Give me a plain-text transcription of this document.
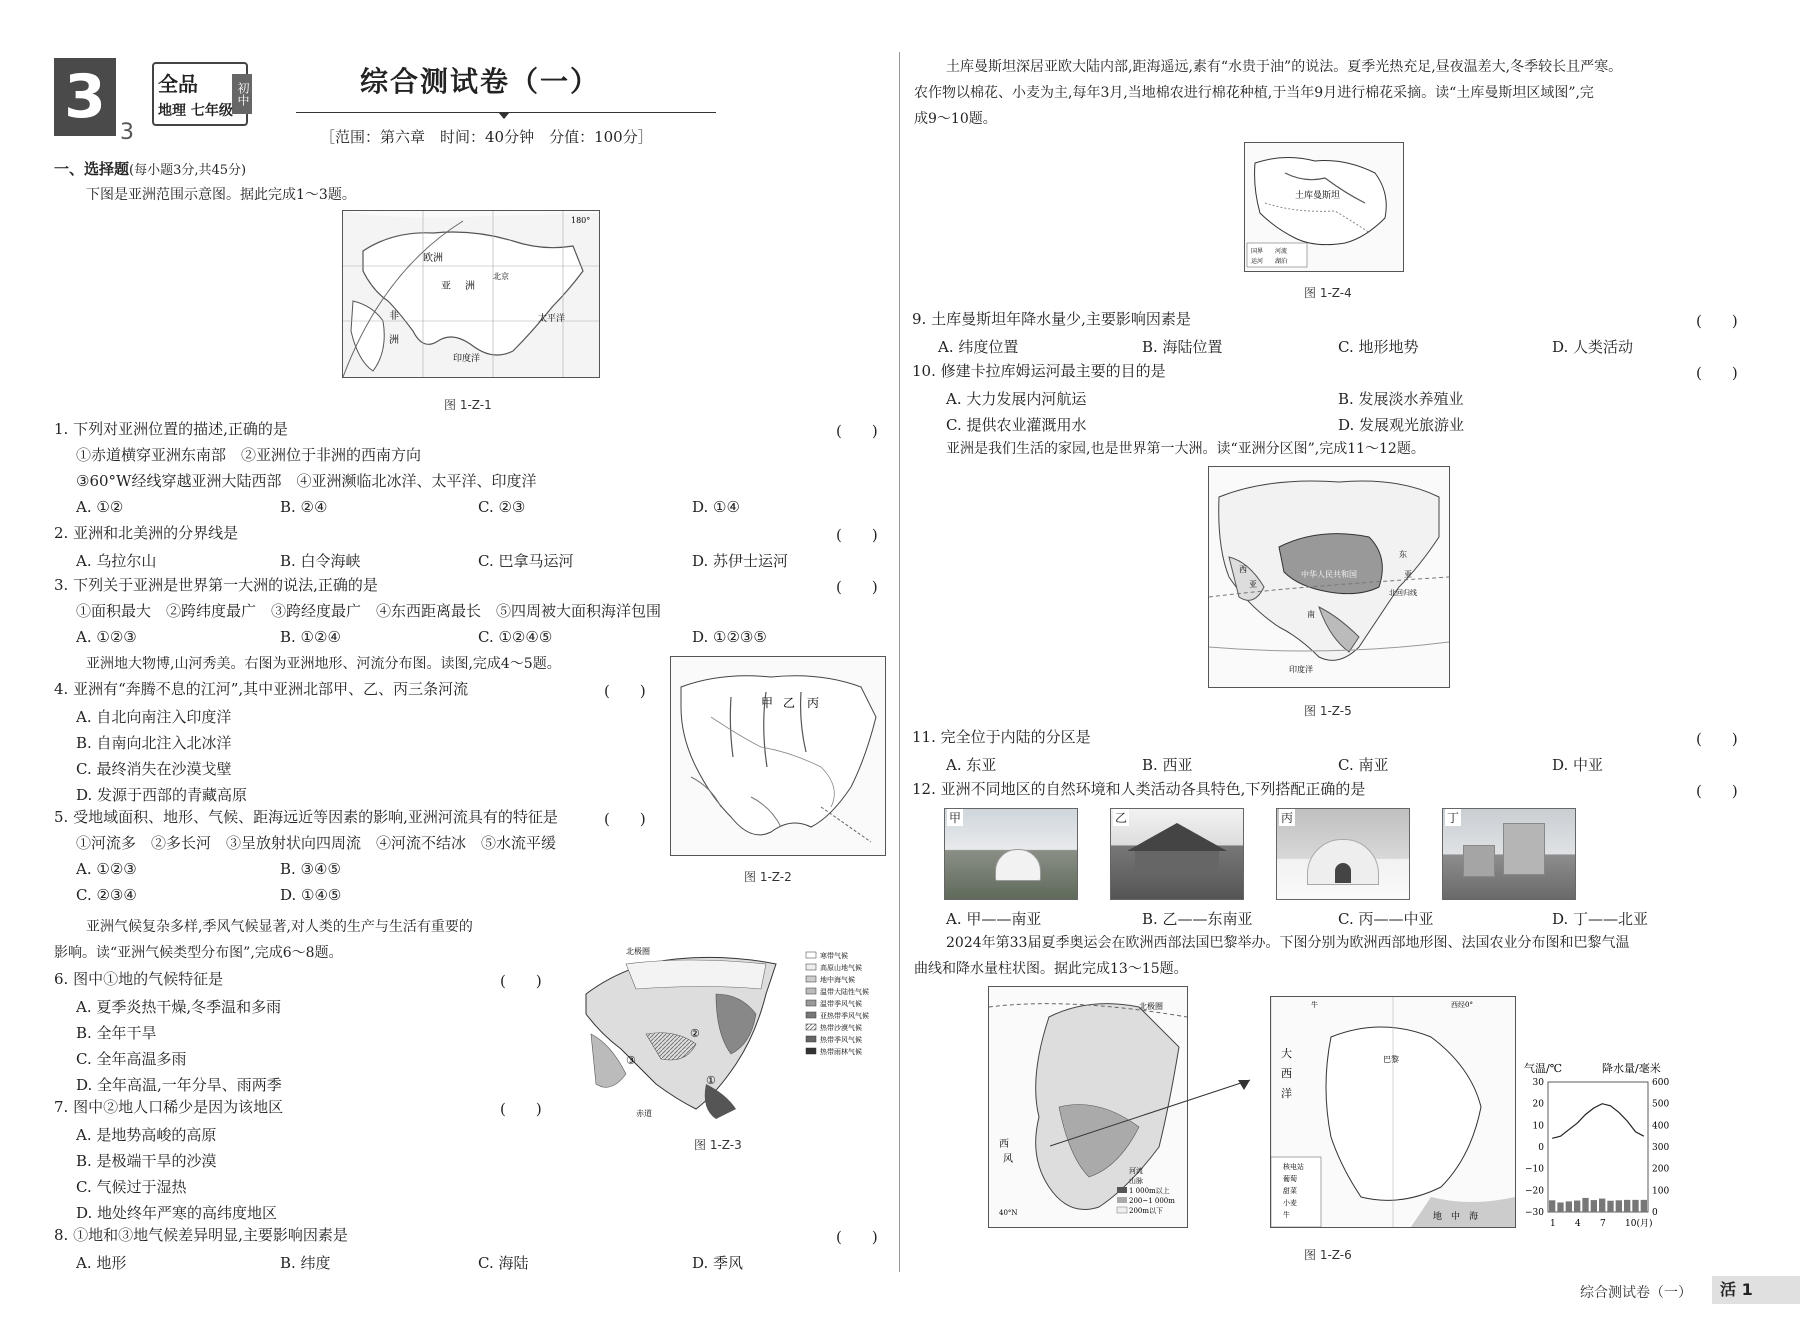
3
3
全品	初中
地理 七年级
综合测试卷（一）
［范围：第六章　时间：40分钟　分值：100分］
一、选择题(每小题3分,共45分)
下图是亚洲范围示意图。据此完成1～3题。
欧洲
亚 洲
非
洲
北京
太平洋
印度洋
180°
图 1-Z-1
1. 下列对亚洲位置的描述,正确的是	(　　)
①赤道横穿亚洲东南部　②亚洲位于非洲的西南方向
③60°W经线穿越亚洲大陆西部　④亚洲濒临北冰洋、太平洋、印度洋
A. ①②	B. ②④	C. ②③	D. ①④
2. 亚洲和北美洲的分界线是	(　　)
A. 乌拉尔山	B. 白令海峡	C. 巴拿马运河	D. 苏伊士运河
3. 下列关于亚洲是世界第一大洲的说法,正确的是	(　　)
①面积最大　②跨纬度最广　③跨经度最广　④东西距离最长　⑤四周被大面积海洋包围
A. ①②③	B. ①②④	C. ①②④⑤	D. ①②③⑤
亚洲地大物博,山河秀美。右图为亚洲地形、河流分布图。读图,完成4～5题。
甲 乙 丙
图 1-Z-2
4. 亚洲有“奔腾不息的江河”,其中亚洲北部甲、乙、丙三条河流	(　　)
A. 自北向南注入印度洋
B. 自南向北注入北冰洋
C. 最终消失在沙漠戈壁
D. 发源于西部的青藏高原
5. 受地域面积、地形、气候、距海远近等因素的影响,亚洲河流具有的特征是	(　　)
①河流多　②多长河　③呈放射状向四周流　④河流不结冰　⑤水流平缓
A. ①②③	B. ③④⑤
C. ②③④	D. ①④⑤
亚洲气候复杂多样,季风气候显著,对人类的生产与生活有重要的
影响。读“亚洲气候类型分布图”,完成6～8题。	北极圈
赤道
①
②
③
寒带气候
高原山地气候
地中海气候
温带大陆性气候
温带季风气候
亚热带季风气候
热带沙漠气候
热带季风气候
热带雨林气候
图 1-Z-3
6. 图中①地的气候特征是	(　　)
A. 夏季炎热干燥,冬季温和多雨
B. 全年干旱
C. 全年高温多雨
D. 全年高温,一年分旱、雨两季
7. 图中②地人口稀少是因为该地区	(　　)
A. 是地势高峻的高原
B. 是极端干旱的沙漠
C. 气候过于湿热
D. 地处终年严寒的高纬度地区
8. ①地和③地气候差异明显,主要影响因素是	(　　)
A. 地形	B. 纬度	C. 海陆	D. 季风
土库曼斯坦深居亚欧大陆内部,距海遥远,素有“水贵于油”的说法。夏季光热充足,昼夜温差大,冬季较长且严寒。
农作物以棉花、小麦为主,每年3月,当地棉农进行棉花种植,于当年9月进行棉花采摘。读“土库曼斯坦区域图”,完
成9～10题。
土库曼斯坦
国界 河流
运河 湖泊
图 1-Z-4
9. 土库曼斯坦年降水量少,主要影响因素是	(　　)
A. 纬度位置	B. 海陆位置	C. 地形地势	D. 人类活动
10. 修建卡拉库姆运河最主要的目的是	(　　)
A. 大力发展内河航运	B. 发展淡水养殖业
C. 提供农业灌溉用水	D. 发展观光旅游业
亚洲是我们生活的家园,也是世界第一大洲。读“亚洲分区图”,完成11～12题。
中华人民共和国
北回归线
印度洋
西
亚
东
亚
南
图 1-Z-5
11. 完全位于内陆的分区是	(　　)
A. 东亚	B. 西亚	C. 南亚	D. 中亚
12. 亚洲不同地区的自然环境和人类活动各具特色,下列搭配正确的是	(　　)
甲	乙	丙	丁
A. 甲——南亚	B. 乙——东南亚	C. 丙——中亚	D. 丁——北亚
2024年第33届夏季奥运会在欧洲西部法国巴黎举办。下图分别为欧洲西部地形图、法国农业分布图和巴黎气温
曲线和降水量柱状图。据此完成13～15题。
北极圈
西
风
40°N
河流
山脉
1 000m以上
200~1 000m
200m以下
大
西
洋
巴黎
地 中 海
牛	西经0°
核电站
葡萄
甜菜
小麦
牛
气温/℃	降水量/毫米
30
20
10
0
−10
−20
−30
600
500
400
300
200
100
0
1 4 7 10(月)
图 1-Z-6
综合测试卷（一）	活 1
